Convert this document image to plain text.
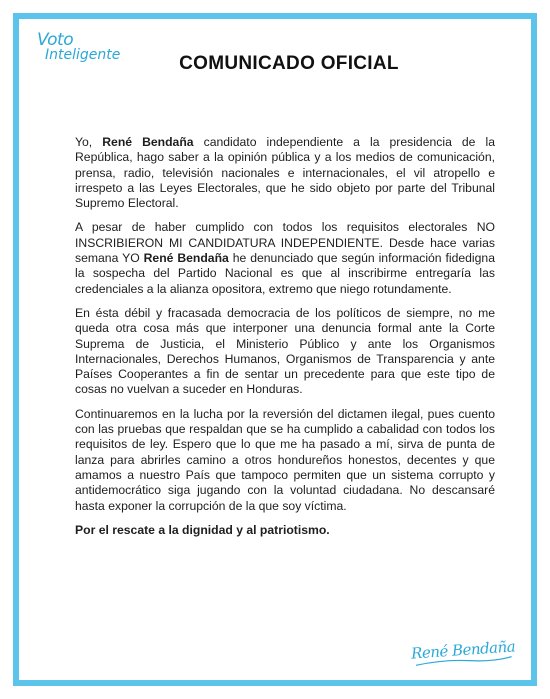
Voto
Inteligente	COMUNICADO OFICIAL

Yo, René Bendaña candidato independiente a la presidencia de la República, hago saber a la opinión pública y a los medios de comunicación, prensa, radio, televisión nacionales e internacionales, el vil atropello e irrespeto a las Leyes Electorales, que he sido objeto por parte del Tribunal Supremo Electoral.

A pesar de haber cumplido con todos los requisitos electorales NO INSCRIBIERON MI CANDIDATURA INDEPENDIENTE. Desde hace varias semana YO René Bendaña he denunciado que según información fidedigna la sospecha del Partido Nacional es que al inscribirme entregaría las credenciales a la alianza opositora, extremo que niego rotundamente.

En ésta débil y fracasada democracia de los políticos de siempre, no me queda otra cosa más que interponer una denuncia formal ante la Corte Suprema de Justicia, el Ministerio Público y ante los Organismos Internacionales, Derechos Humanos, Organismos de Transparencia y ante Países Cooperantes a fin de sentar un precedente para que este tipo de cosas no vuelvan a suceder en Honduras.

Continuaremos en la lucha por la reversión del dictamen ilegal, pues cuento con las pruebas que respaldan que se ha cumplido a cabalidad con todos los requisitos de ley. Espero que lo que me ha pasado a mí, sirva de punta de lanza para abrirles camino a otros hondureños honestos, decentes y que amamos a nuestro País que tampoco permiten que un sistema corrupto y antidemocrático siga jugando con la voluntad ciudadana. No descansaré hasta exponer la corrupción de la que soy víctima.

Por el rescate a la dignidad y al patriotismo.

René Bendaña
